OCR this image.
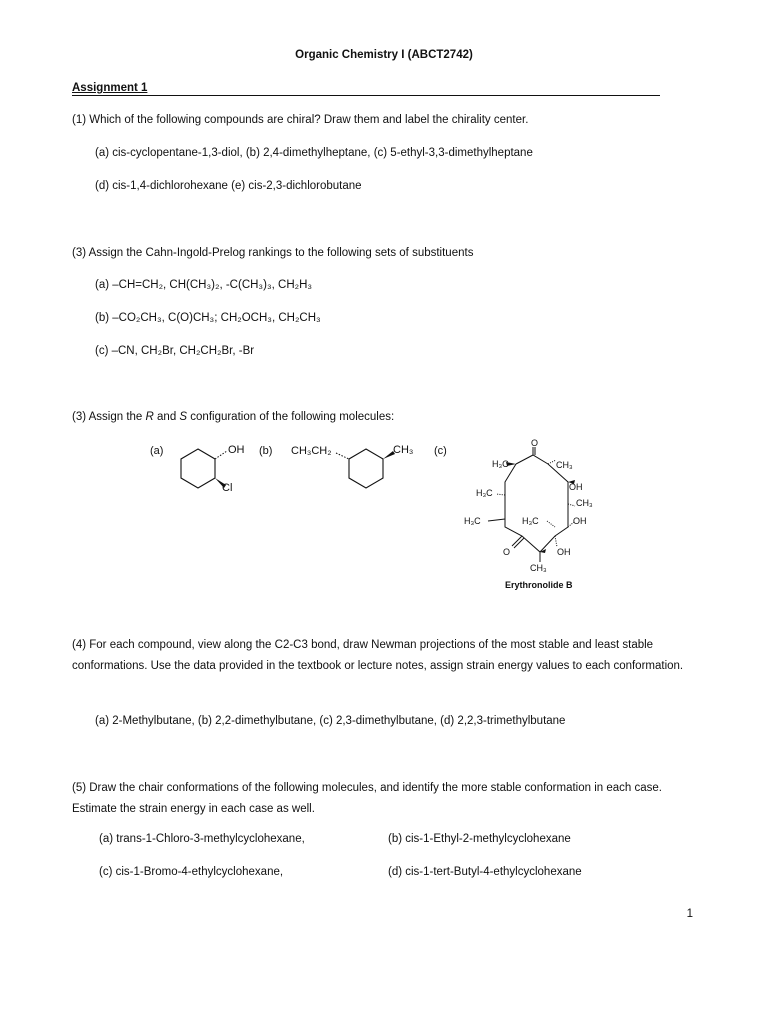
Organic Chemistry I (ABCT2742)
Assignment 1
(1) Which of the following compounds are chiral? Draw them and label the chirality center.
(a) cis-cyclopentane-1,3-diol, (b) 2,4-dimethylheptane, (c) 5-ethyl-3,3-dimethylheptane
(d) cis-1,4-dichlorohexane (e) cis-2,3-dichlorobutane
(3) Assign the Cahn-Ingold-Prelog rankings to the following sets of substituents
(a) –CH=CH₂, CH(CH₃)₂, -C(CH₃)₃, CH₂H₃
(b) –CO₂CH₃, C(O)CH₃; CH₂OCH₃, CH₂CH₃
(c) –CN, CH₂Br, CH₂CH₂Br, -Br
(3) Assign the R and S configuration of the following molecules:
(a)	(b)	(c)
OH
Cl
CH₃CH₂	CH₃
O
H₃C	CH₃
H₃C
OH
CH₃
H₃C	H₃C	OH
O	OH
CH₃
Erythronolide B
(4) For each compound, view along the C2-C3 bond, draw Newman projections of the most stable and least stable conformations. Use the data provided in the textbook or lecture notes, assign strain energy values to each conformation.
(a) 2-Methylbutane, (b) 2,2-dimethylbutane, (c) 2,3-dimethylbutane, (d) 2,2,3-trimethylbutane
(5) Draw the chair conformations of the following molecules, and identify the more stable conformation in each case. Estimate the strain energy in each case as well.
(a) trans-1-Chloro-3-methylcyclohexane,	(b) cis-1-Ethyl-2-methylcyclohexane
(c) cis-1-Bromo-4-ethylcyclohexane,	(d) cis-1-tert-Butyl-4-ethylcyclohexane
1
